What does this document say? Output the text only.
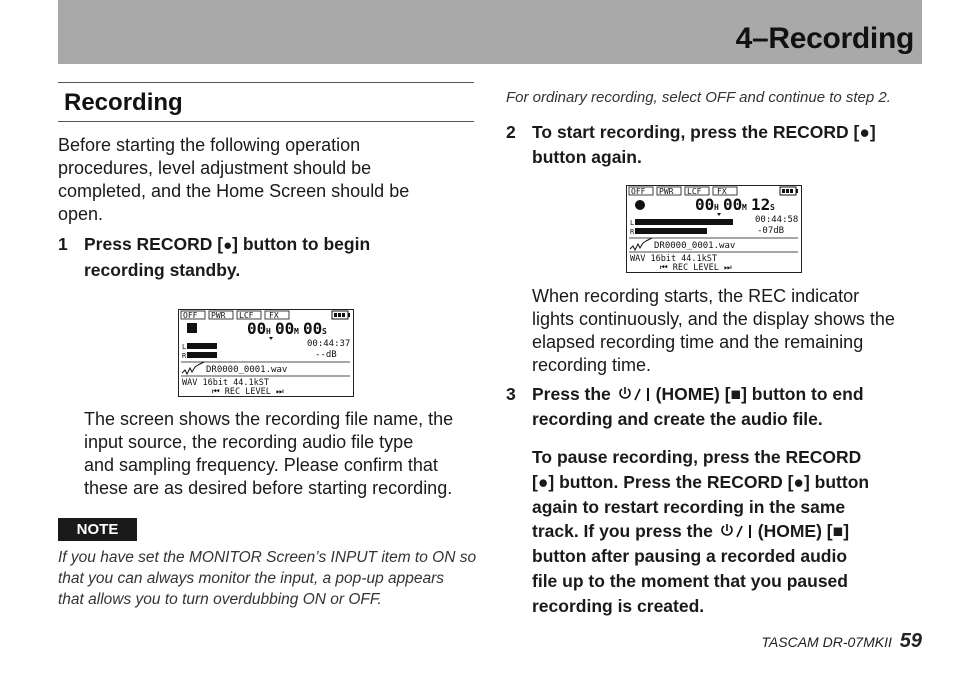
4–Recording
Recording

Before starting the following operation

procedures, level adjustment should be

completed, and the Home Screen should be

open.

1 Press RECORD [●] button to begin
recording standby.
OFF PWR LCF FX
00 H 00 M 00 S
L
R
00:44:37
--dB
DR0000_0001.wav
WAV 16bit 44.1kST
⏮ REC LEVEL ⏭

The screen shows the recording file name, the

input source, the recording audio file type

and sampling frequency. Please confirm that

these are as desired before starting recording.

NOTE

If you have set the MONITOR Screen’s INPUT item to ON so

that you can always monitor the input, a pop-up appears

that allows you to turn overdubbing ON or OFF.

For ordinary recording, select OFF and continue to step 2.

2 To start recording, press the RECORD [●]
button again.
OFF PWR LCF FX
00 H 00 M 12 S
L
R
00:44:58
-07dB
DR0000_0001.wav
WAV 16bit 44.1kST
⏮ REC LEVEL ⏭

When recording starts, the REC indicator

lights continuously, and the display shows the

elapsed recording time and the remaining

recording time.

3 Press the	(HOME) [■] button to end
recording and create the audio file.
To pause recording, press the RECORD
[●] button. Press the RECORD [●] button
again to restart recording in the same
track. If you press the	(HOME) [■]
button after pausing a recorded audio
file up to the moment that you paused
recording is created.
TASCAM DR-07MKII 59
